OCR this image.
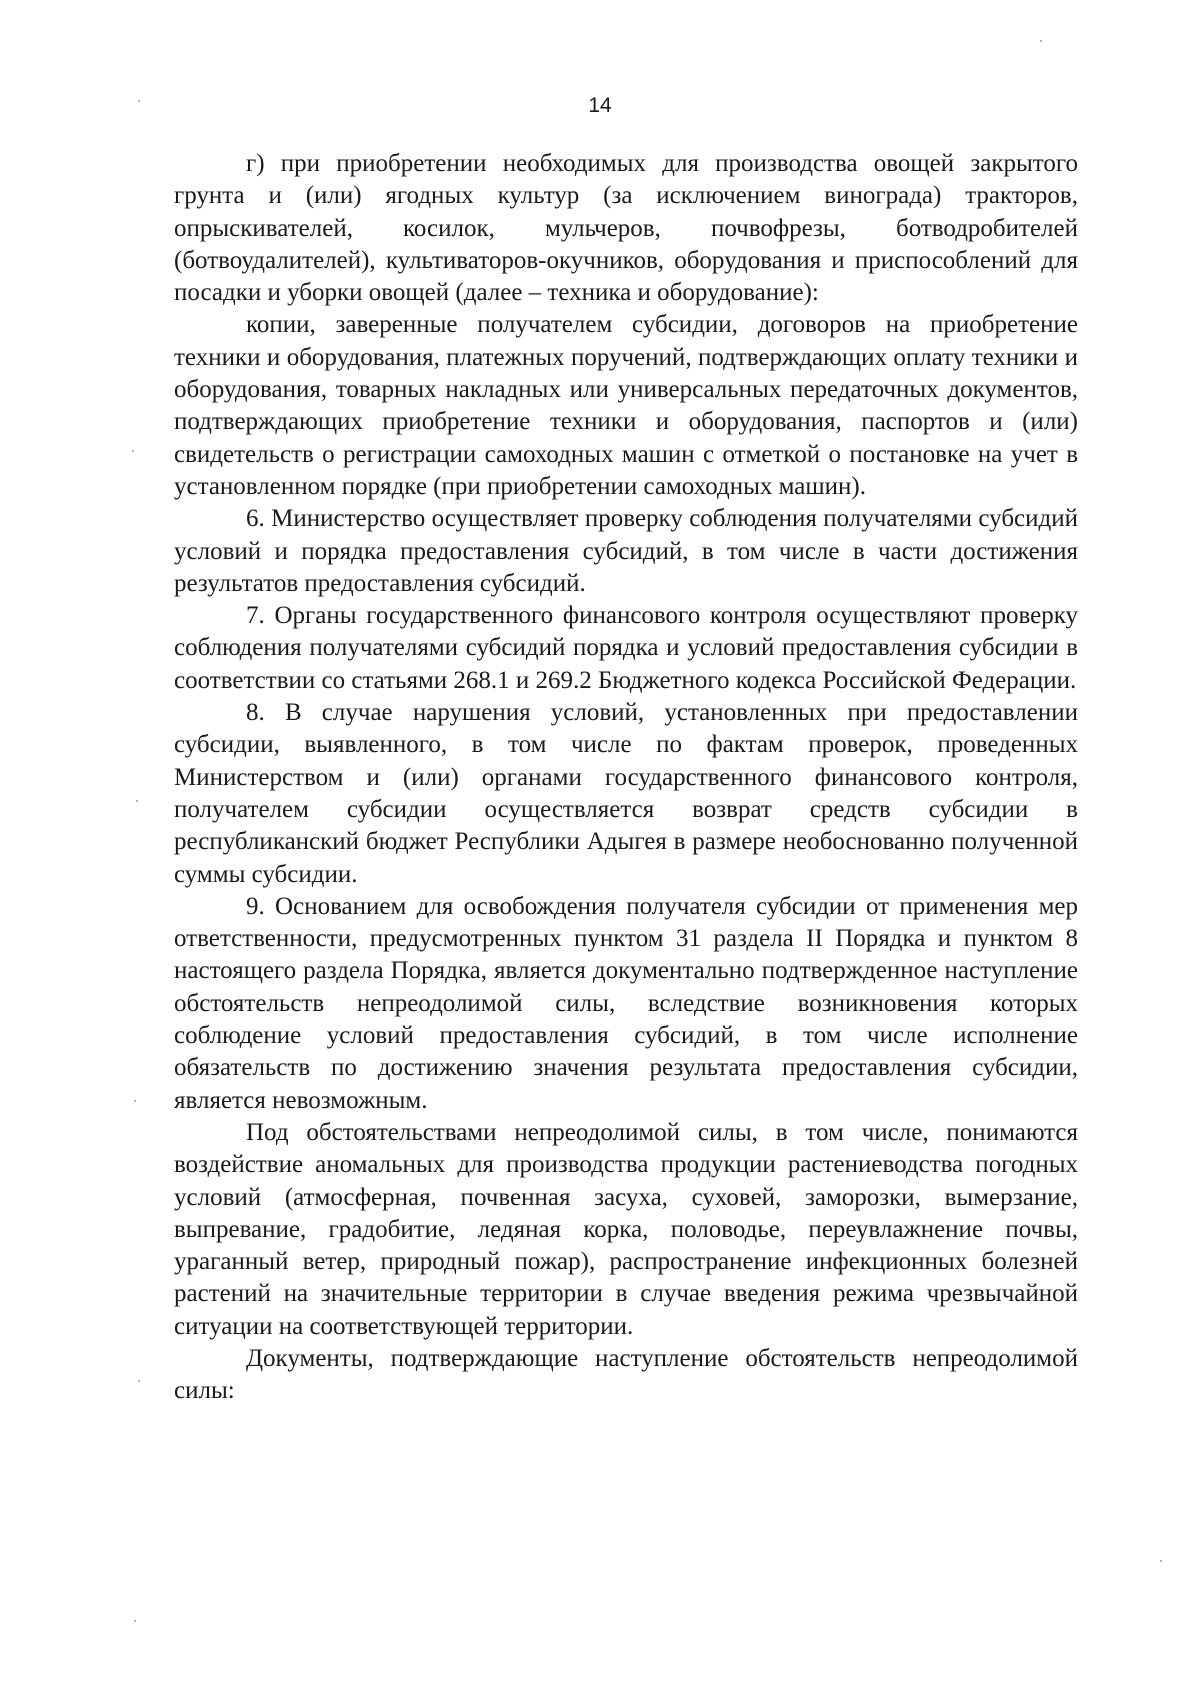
14

г) при приобретении необходимых для производства овощей закрытого грунта и (или) ягодных культур (за исключением винограда) тракторов, опрыскивателей, косилок, мульчеров, почвофрезы, ботводробителей (ботвоудалителей), культиваторов-окучников, оборудования и приспособлений для посадки и уборки овощей (далее – техника и оборудование):

копии, заверенные получателем субсидии, договоров на приобретение техники и оборудования, платежных поручений, подтверждающих оплату техники и оборудования, товарных накладных или универсальных передаточных документов, подтверждающих приобретение техники и оборудования, паспортов и (или) свидетельств о регистрации самоходных машин с отметкой о постановке на учет в установленном порядке (при приобретении самоходных машин).

6. Министерство осуществляет проверку соблюдения получателями субсидий условий и порядка предоставления субсидий, в том числе в части достижения результатов предоставления субсидий.

7. Органы государственного финансового контроля осуществляют проверку соблюдения получателями субсидий порядка и условий предоставления субсидии в соответствии со статьями 268.1 и 269.2 Бюджетного кодекса Российской Федерации.

8. В случае нарушения условий, установленных при предоставлении субсидии, выявленного, в том числе по фактам проверок, проведенных Министерством и (или) органами государственного финансового контроля, получателем субсидии осуществляется возврат средств субсидии в республиканский бюджет Республики Адыгея в размере необоснованно полученной суммы субсидии.

9. Основанием для освобождения получателя субсидии от применения мер ответственности, предусмотренных пунктом 31 раздела II Порядка и пунктом 8 настоящего раздела Порядка, является документально подтвержденное наступление обстоятельств непреодолимой силы, вследствие возникновения которых соблюдение условий предоставления субсидий, в том числе исполнение обязательств по достижению значения результата предоставления субсидии, является невозможным.

Под обстоятельствами непреодолимой силы, в том числе, понимаются воздействие аномальных для производства продукции растениеводства погодных условий (атмосферная, почвенная засуха, суховей, заморозки, вымерзание, выпревание, градобитие, ледяная корка, половодье, переувлажнение почвы, ураганный ветер, природный пожар), распространение инфекционных болезней растений на значительные территории в случае введения режима чрезвычайной ситуации на соответствующей территории.

Документы, подтверждающие наступление обстоятельств непреодолимой силы:
